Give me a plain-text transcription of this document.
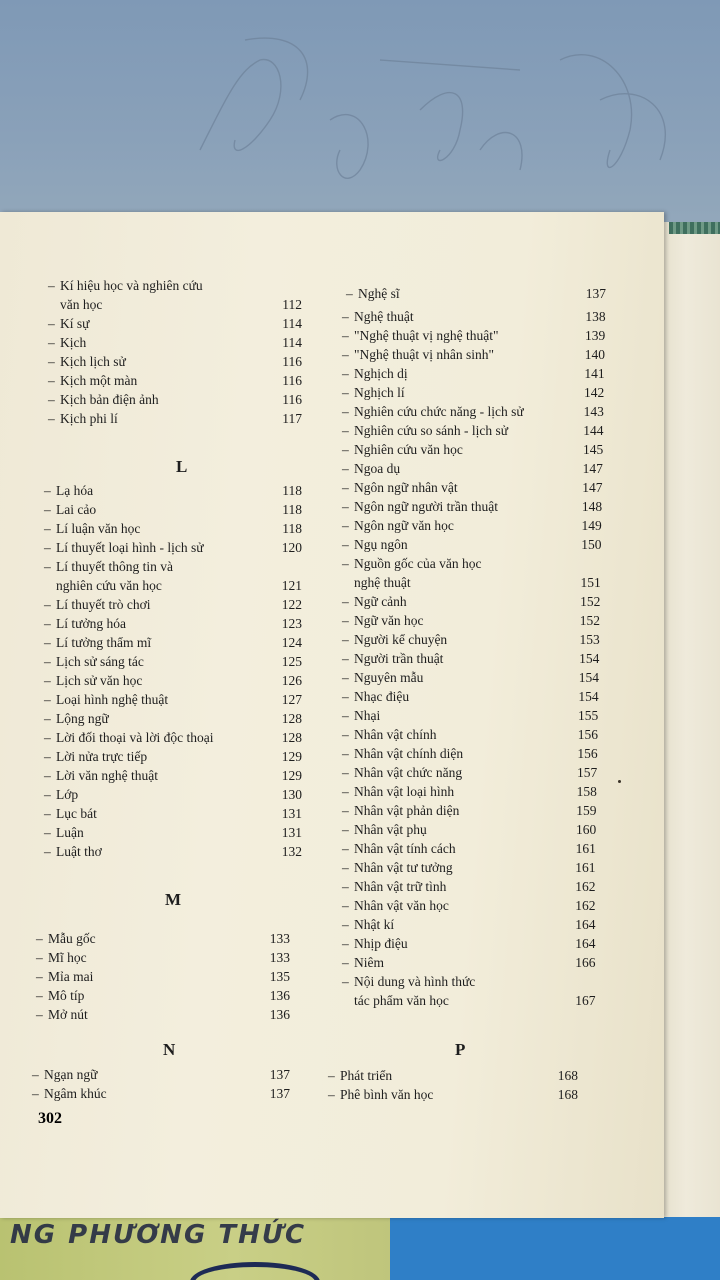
NG PHƯƠNG THỨC
– Kí hiệu học và nghiên cứu
văn học	112
– Kí sự	114
– Kịch	114
– Kịch lịch sử	116
– Kịch một màn	116
– Kịch bản điện ảnh	116
– Kịch phi lí	117
L
– Lạ hóa	118
– Lai cảo	118
– Lí luận văn học	118
– Lí thuyết loại hình - lịch sử	120
– Lí thuyết thông tin và
nghiên cứu văn học	121
– Lí thuyết trò chơi	122
– Lí tưởng hóa	123
– Lí tưởng thẩm mĩ	124
– Lịch sử sáng tác	125
– Lịch sử văn học	126
– Loại hình nghệ thuật	127
– Lộng ngữ	128
– Lời đối thoại và lời độc thoại	128
– Lời nửa trực tiếp	129
– Lời văn nghệ thuật	129
– Lớp	130
– Lục bát	131
– Luận	131
– Luật thơ	132
M
– Mẫu gốc	133
– Mĩ học	133
– Mỉa mai	135
– Mô típ	136
– Mở nút	136
N
– Ngạn ngữ	137
– Ngâm khúc	137
– Nghệ sĩ	137
– Nghệ thuật	138
– "Nghệ thuật vị nghệ thuật"	139
– "Nghệ thuật vị nhân sinh"	140
– Nghịch dị	141
– Nghịch lí	142
– Nghiên cứu chức năng - lịch sử	143
– Nghiên cứu so sánh - lịch sử	144
– Nghiên cứu văn học	145
– Ngoa dụ	147
– Ngôn ngữ nhân vật	147
– Ngôn ngữ người trần thuật	148
– Ngôn ngữ văn học	149
– Ngụ ngôn	150
– Nguồn gốc của văn học
nghệ thuật	151
– Ngữ cảnh	152
– Ngữ văn học	152
– Người kể chuyện	153
– Người trần thuật	154
– Nguyên mẫu	154
– Nhạc điệu	154
– Nhại	155
– Nhân vật chính	156
– Nhân vật chính diện	156
– Nhân vật chức năng	157
– Nhân vật loại hình	158
– Nhân vật phản diện	159
– Nhân vật phụ	160
– Nhân vật tính cách	161
– Nhân vật tư tưởng	161
– Nhân vật trữ tình	162
– Nhân vật văn học	162
– Nhật kí	164
– Nhịp điệu	164
– Niêm	166
– Nội dung và hình thức
tác phẩm văn học	167
P
– Phát triển	168
– Phê bình văn học	168
302
